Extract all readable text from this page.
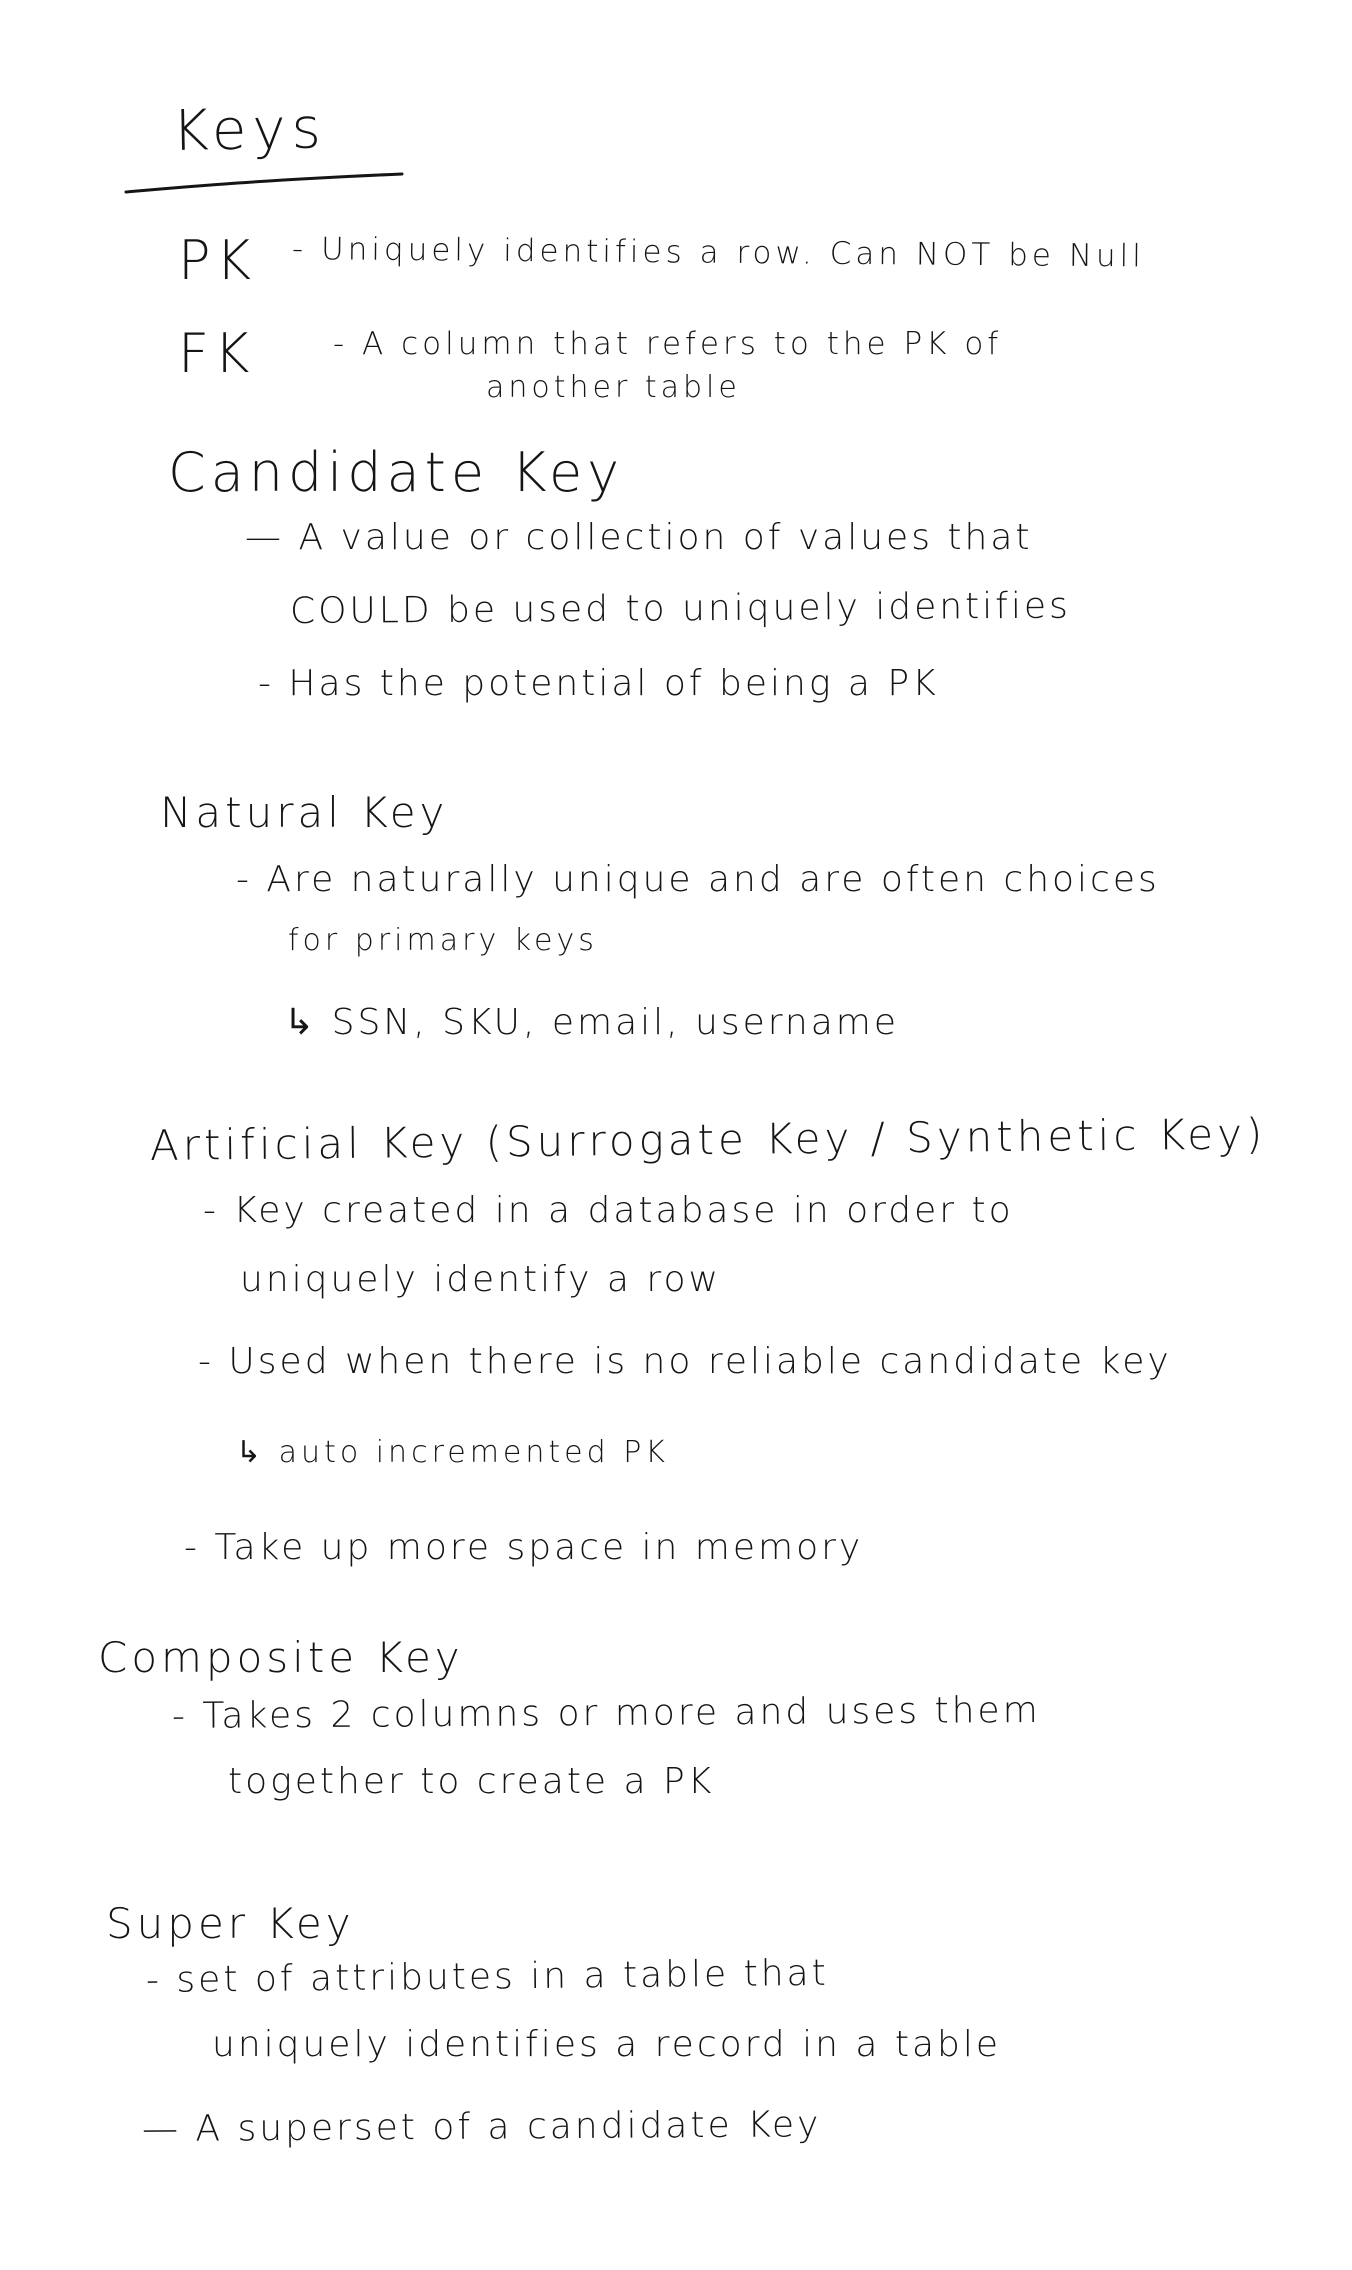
Keys
PK - Uniquely identifies a row. Can NOT be Null
FK	- A column that refers to the PK of
another table
Candidate Key
— A value or collection of values that
COULD be used to uniquely identifies
- Has the potential of being a PK
Natural Key
- Are naturally unique and are often choices
for primary keys
↳ SSN, SKU, email, username
Artificial Key (Surrogate Key / Synthetic Key)
- Key created in a database in order to
uniquely identify a row
- Used when there is no reliable candidate key
↳ auto incremented PK
- Take up more space in memory
Composite Key
- Takes 2 columns or more and uses them
together to create a PK
Super Key
- set of attributes in a table that
uniquely identifies a record in a table
— A superset of a candidate Key
